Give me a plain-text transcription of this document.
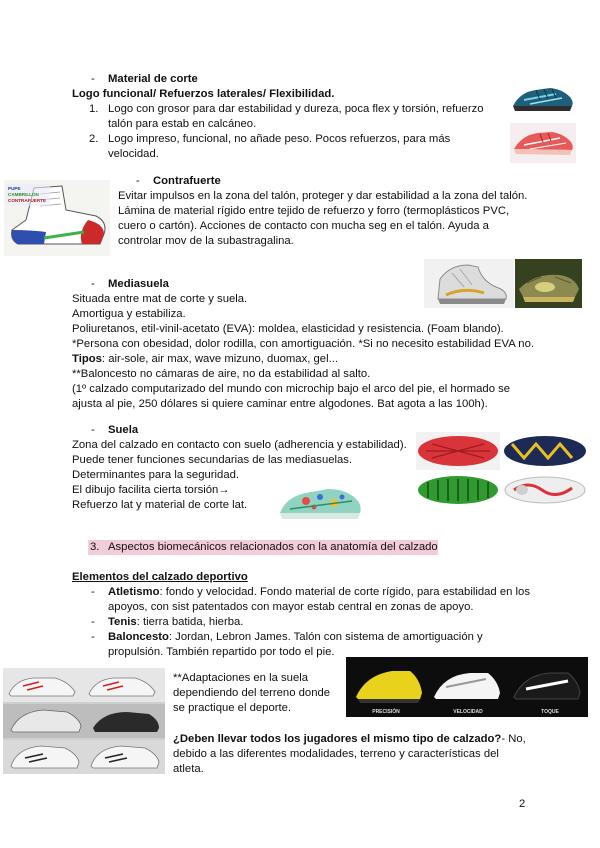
- Material de corte
Logo funcional/ Refuerzos laterales/ Flexibilidad.
1. Logo con grosor para dar estabilidad y dureza, poca flex y torsión, refuerzo
talón para estab en calcáneo.
2. Logo impreso, funcional, no añade peso. Pocos refuerzos, para más
velocidad.
PUPE
CAMBRILLON
CONTRAFUERTE
- Contrafuerte
Evitar impulsos en la zona del talón, proteger y dar estabilidad a la zona del talón.
Lámina de material rígido entre tejido de refuerzo y forro (termoplásticos PVC,
cuero o cartón). Acciones de contacto con mucha seg en el talón. Ayuda a
controlar mov de la subastragalina.
- Mediasuela
Situada entre mat de corte y suela.
Amortigua y estabiliza.
Poliuretanos, etil-vinil-acetato (EVA): moldea, elasticidad y resistencia. (Foam blando).
*Persona con obesidad, dolor rodilla, con amortiguación. *Si no necesito estabilidad EVA no.
Tipos: air-sole, air max, wave mizuno, duomax, gel...
**Baloncesto no cámaras de aire, no da estabilidad al salto.
(1º calzado computarizado del mundo con microchip bajo el arco del pie, el hormado se
ajusta al pie, 250 dólares si quiere caminar entre algodones. Bat agota a las 100h).
- Suela
Zona del calzado en contacto con suelo (adherencia y estabilidad).
Puede tener funciones secundarias de las mediasuelas.
Determinantes para la seguridad.
El dibujo facilita cierta torsión→
Refuerzo lat y material de corte lat.
3. Aspectos biomecánicos relacionados con la anatomía del calzado
Elementos del calzado deportivo
- Atletismo: fondo y velocidad. Fondo material de corte rígido, para estabilidad en los
apoyos, con sist patentados con mayor estab central en zonas de apoyo.
- Tenis: tierra batida, hierba.
- Baloncesto: Jordan, Lebron James. Talón con sistema de amortiguación y
propulsión. También repartido por todo el pie.
**Adaptaciones en la suela
dependiendo del terreno donde
se practique el deporte.	PRECISIÓN	VELOCIDAD	TOQUE
¿Deben llevar todos los jugadores el mismo tipo de calzado?- No,
debido a las diferentes modalidades, terreno y características del
atleta.
2
